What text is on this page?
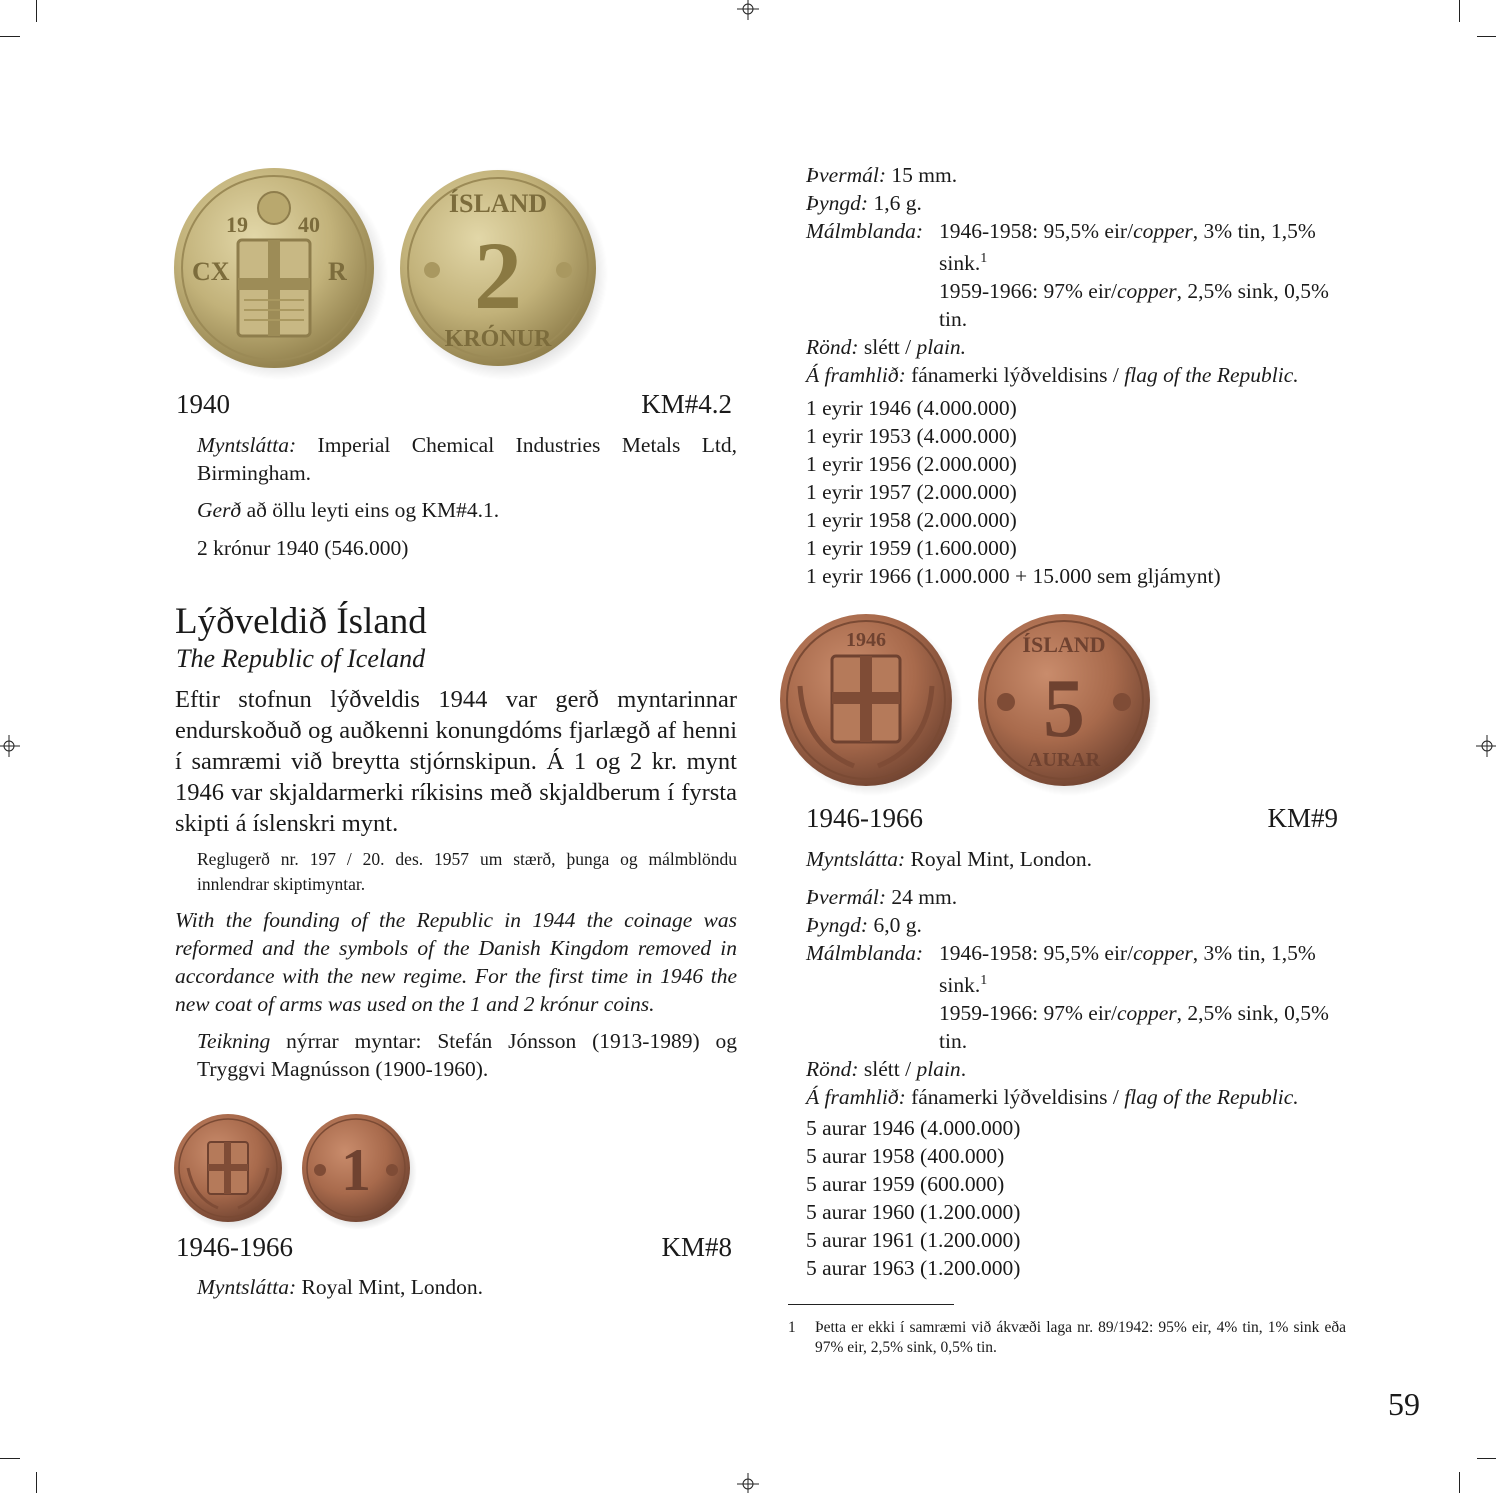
19 40
CX	R
ÍSLAND
2
KRÓNUR
1940	KM#4.2
Myntslátta: Imperial Chemical Industries Metals Ltd, Birmingham.
Gerð að öllu leyti eins og KM#4.1.
2 krónur 1940 (546.000)
Lýðveldið Ísland
The Republic of Iceland
Eftir stofnun lýðveldis 1944 var gerð myntarinnar endurskoðuð og auðkenni konungdóms fjarlægð af henni í samræmi við breytta stjórnskipun. Á 1 og 2 kr. mynt 1946 var skjaldarmerki ríkisins með skjaldberum í fyrsta skipti á íslenskri mynt.
Reglugerð nr. 197 / 20. des. 1957 um stærð, þunga og málmblöndu innlendrar skiptimyntar.
With the founding of the Republic in 1944 the coinage was reformed and the symbols of the Danish Kingdom removed in accordance with the new regime. For the first time in 1946 the new coat of arms was used on the 1 and 2 krónur coins.
Teikning nýrrar myntar: Stefán Jónsson (1913-1989) og Tryggvi Magnússon (1900-1960).
1
1946-1966	KM#8
Myntslátta: Royal Mint, London.
Þvermál: 15 mm.
Þyngd: 1,6 g.
Málmblanda: 1946-1958: 95,5% eir/copper, 3% tin, 1,5%
sink.$^1$
1959-1966: 97% eir/copper, 2,5% sink, 0,5%
tin.
Rönd: slétt / plain.
Á framhlið: fánamerki lýðveldisins / flag of the Republic.
1 eyrir 1946 (4.000.000)
1 eyrir 1953 (4.000.000)
1 eyrir 1956 (2.000.000)
1 eyrir 1957 (2.000.000)
1 eyrir 1958 (2.000.000)
1 eyrir 1959 (1.600.000)
1 eyrir 1966 (1.000.000 + 15.000 sem gljámynt)
1946	ÍSLAND
5
AURAR
1946-1966	KM#9
Myntslátta: Royal Mint, London.
Þvermál: 24 mm.
Þyngd: 6,0 g.
Málmblanda: 1946-1958: 95,5% eir/copper, 3% tin, 1,5%
sink.$^1$
1959-1966: 97% eir/copper, 2,5% sink, 0,5%
tin.
Rönd: slétt / plain.
Á framhlið: fánamerki lýðveldisins / flag of the Republic.
5 aurar 1946 (4.000.000)
5 aurar 1958 (400.000)
5 aurar 1959 (600.000)
5 aurar 1960 (1.200.000)
5 aurar 1961 (1.200.000)
5 aurar 1963 (1.200.000)
1 Þetta er ekki í samræmi við ákvæði laga nr. 89/1942: 95% eir, 4% tin, 1% sink eða 97% eir, 2,5% sink, 0,5% tin.
59
